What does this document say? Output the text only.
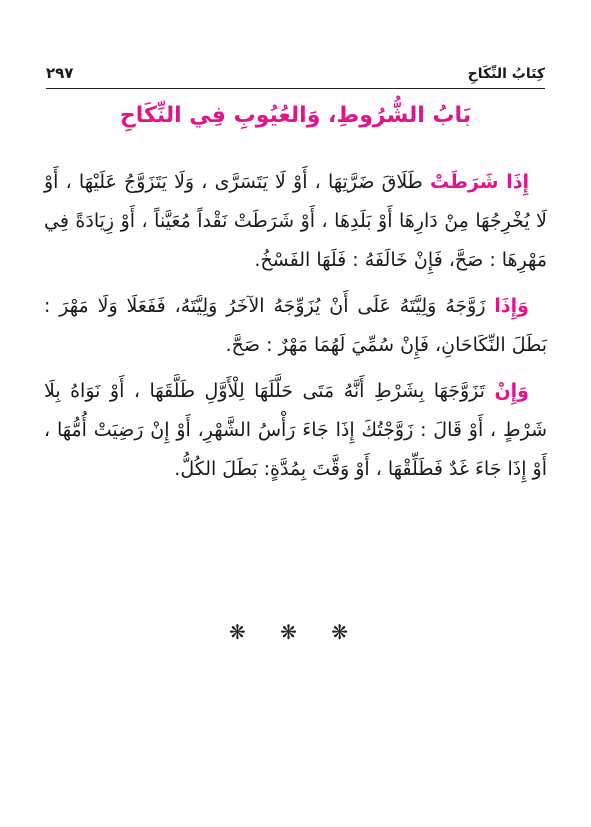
٢٩٧	كِتَابُ النِّكَاحِ
بَابُ الشُّرُوطِ، وَالعُيُوبِ فِي النِّكَاحِ

إِذَا شَرَطَتْ طَلَاقَ ضَرَّتِهَا ، أَوْ لَا يَتَسَرَّى ، وَلَا يَتَزَوَّجُ عَلَيْهَا ، أَوْ لَا يُخْرِجُهَا مِنْ دَارِهَا أَوْ بَلَدِهَا ، أَوْ شَرَطَتْ نَقْداً مُعَيَّناً ، أَوْ زِيَادَةً فِي مَهْرِهَا : صَحَّ، فَإِنْ خَالَفَهُ : فَلَهَا الفَسْخُ.

وَإِذَا زَوَّجَهُ وَلِيَّتَهُ عَلَى أَنْ يُزَوِّجَهُ الآخَرُ وَلِيَّتَهُ، فَفَعَلَا وَلَا مَهْرَ : بَطَلَ النِّكَاحَانِ، فَإِنْ سُمِّيَ لَهُمَا مَهْرٌ : صَحَّ.

وَإِنْ تَزَوَّجَهَا بِشَرْطِ أَنَّهُ مَتَى حَلَّلَهَا لِلْأَوَّلِ طَلَّقَهَا ، أَوْ نَوَاهُ بِلَا شَرْطٍ ، أَوْ قَالَ : زَوَّجْتُكَ إِذَا جَاءَ رَأْسُ الشَّهْرِ، أَوْ إِنْ رَضِيَتْ أُمُّهَا ، أَوْ إِذَا جَاءَ غَدٌ فَطَلِّقْهَا ، أَوْ وَقَّتَ بِمُدَّةٍ: بَطَلَ الكُلُّ.

❋ ❋ ❋
